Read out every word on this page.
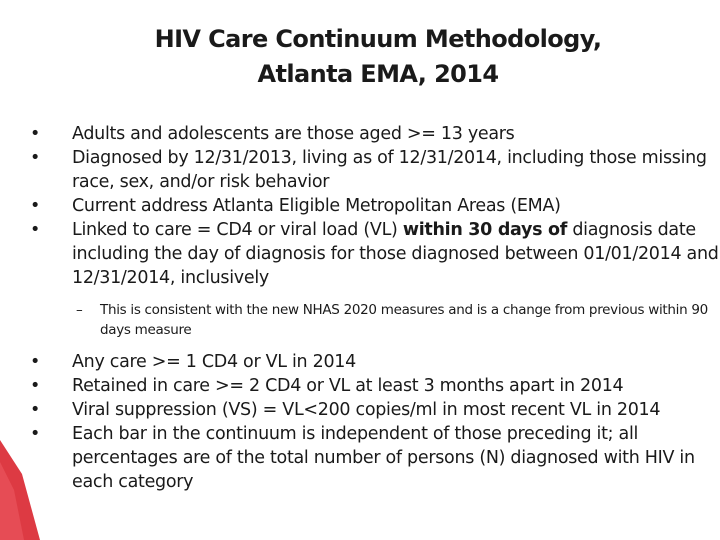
HIV Care Continuum Methodology,
Atlanta EMA, 2014
• Adults and adolescents are those aged >= 13 years
• Diagnosed by 12/31/2013, living as of 12/31/2014, including those missing race, sex, and/or risk behavior
• Current address Atlanta Eligible Metropolitan Areas (EMA)
• Linked to care = CD4 or viral load (VL) within 30 days of diagnosis date including the day of diagnosis for those diagnosed between 01/01/2014 and 12/31/2014, inclusively
– This is consistent with the new NHAS 2020 measures and is a change from previous within 90 days measure
• Any care >= 1 CD4 or VL in 2014
• Retained in care >= 2 CD4 or VL at least 3 months apart in 2014
• Viral suppression (VS) = VL<200 copies/ml in most recent VL in 2014
• Each bar in the continuum is independent of those preceding it; all percentages are of the total number of persons (N) diagnosed with HIV in each category
